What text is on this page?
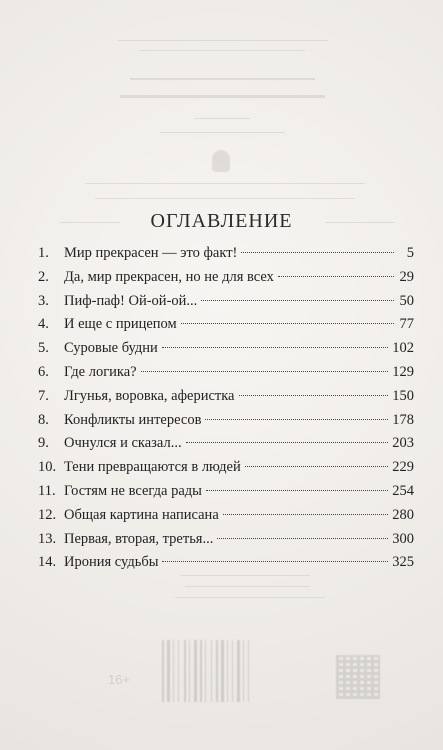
ОГЛАВЛЕНИЕ
1.	Мир прекрасен — это факт!	5
2.	Да, мир прекрасен, но не для всех	29
3.	Пиф-паф! Ой-ой-ой...	50
4.	И еще с прицепом	77
5.	Суровые будни	102
6.	Где логика?	129
7.	Лгунья, воровка, аферистка	150
8.	Конфликты интересов	178
9.	Очнулся и сказал...	203
10. Тени превращаются в людей	229
11. Гостям не всегда рады	254
12. Общая картина написана	280
13. Первая, вторая, третья...	300
14. Ирония судьбы	325
16+
